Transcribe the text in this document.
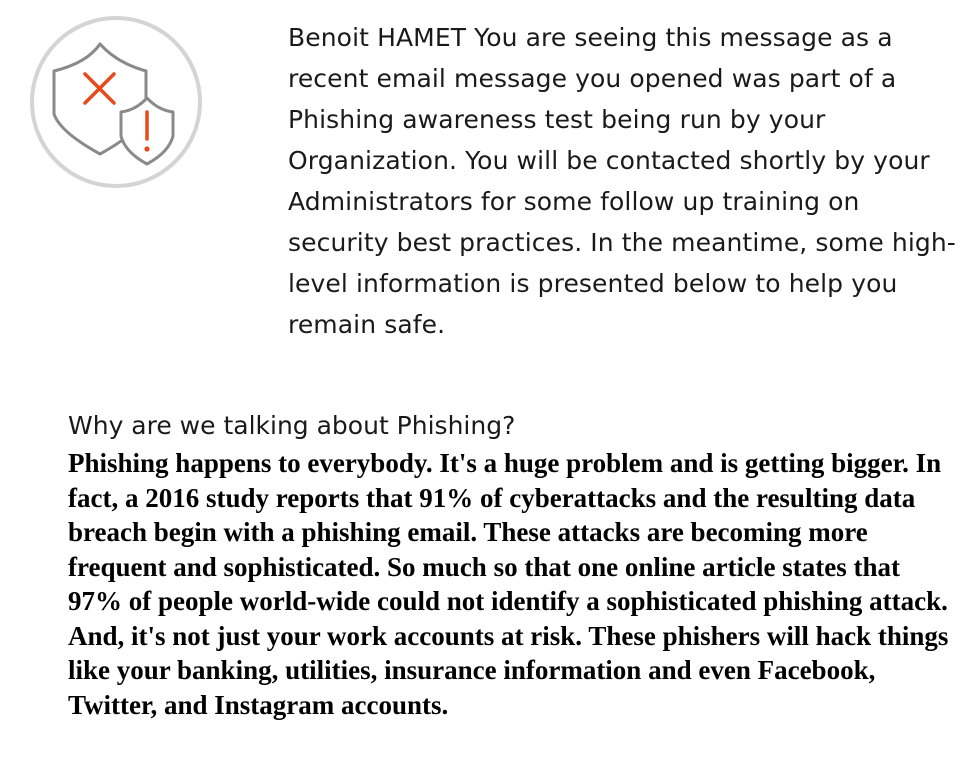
Benoit HAMET You are seeing this message as a recent email message you opened was part of a Phishing awareness test being run by your Organization. You will be contacted shortly by your Administrators for some follow up training on security best practices. In the meantime, some high-level information is presented below to help you remain safe.

Why are we talking about Phishing?

Phishing happens to everybody. It's a huge problem and is getting bigger. In fact, a 2016 study reports that 91% of cyberattacks and the resulting data breach begin with a phishing email. These attacks are becoming more frequent and sophisticated. So much so that one online article states that 97% of people world-wide could not identify a sophisticated phishing attack. And, it's not just your work accounts at risk. These phishers will hack things like your banking, utilities, insurance information and even Facebook, Twitter, and Instagram accounts.
